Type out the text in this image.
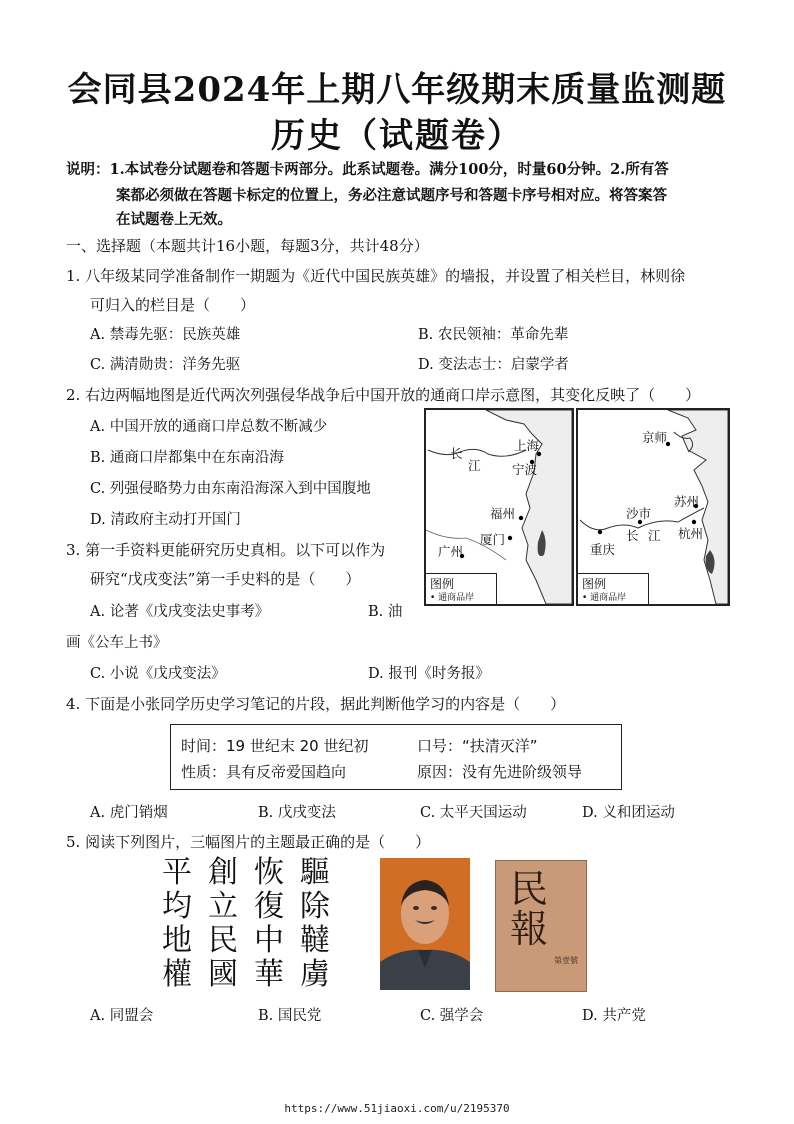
会同县2024年上期八年级期末质量监测题
历史（试题卷）
说明：1.本试卷分试题卷和答题卡两部分。此系试题卷。满分100分，时量60分钟。2.所有答
案都必须做在答题卡标定的位置上，务必注意试题序号和答题卡序号相对应。将答案答
在试题卷上无效。
一、选择题（本题共计16小题，每题3分，共计48分）
1. 八年级某同学准备制作一期题为《近代中国民族英雄》的墙报，并设置了相关栏目，林则徐
可归入的栏目是（　　）
A. 禁毒先驱：民族英雄	B. 农民领袖：革命先辈
C. 满清勋贵：洋务先驱	D. 变法志士：启蒙学者
2. 右边两幅地图是近代两次列强侵华战争后中国开放的通商口岸示意图，其变化反映了（　　）
A. 中国开放的通商口岸总数不断减少
B. 通商口岸都集中在东南沿海
C. 列强侵略势力由东南沿海深入到中国腹地
D. 清政府主动打开国门
长
江
上海
宁波
福州
厦门
广州
图例
• 通商品岸
京师
苏州
沙市
长 江 杭州
重庆
图例
• 通商品岸
3. 第一手资料更能研究历史真相。以下可以作为
研究“戊戌变法”第一手史料的是（　　）
A. 论著《戊戌变法史事考》	B. 油
画《公车上书》
C. 小说《戊戌变法》	D. 报刊《时务报》
4. 下面是小张同学历史学习笔记的片段，据此判断他学习的内容是（　　）
时间：19 世纪末 20 世纪初	口号：“扶清灭洋”
性质：具有反帝爱国趋向	原因：没有先进阶级领导
A. 虎门销烟	B. 戊戌变法	C. 太平天国运动	D. 义和团运动
5. 阅读下列图片，三幅图片的主题最正确的是（　　）
平均地權
創立民國
恢復中華
驅除韃虜
民報
第壹號
A. 同盟会	B. 国民党	C. 强学会	D. 共产党
https://www.51jiaoxi.com/u/2195370
